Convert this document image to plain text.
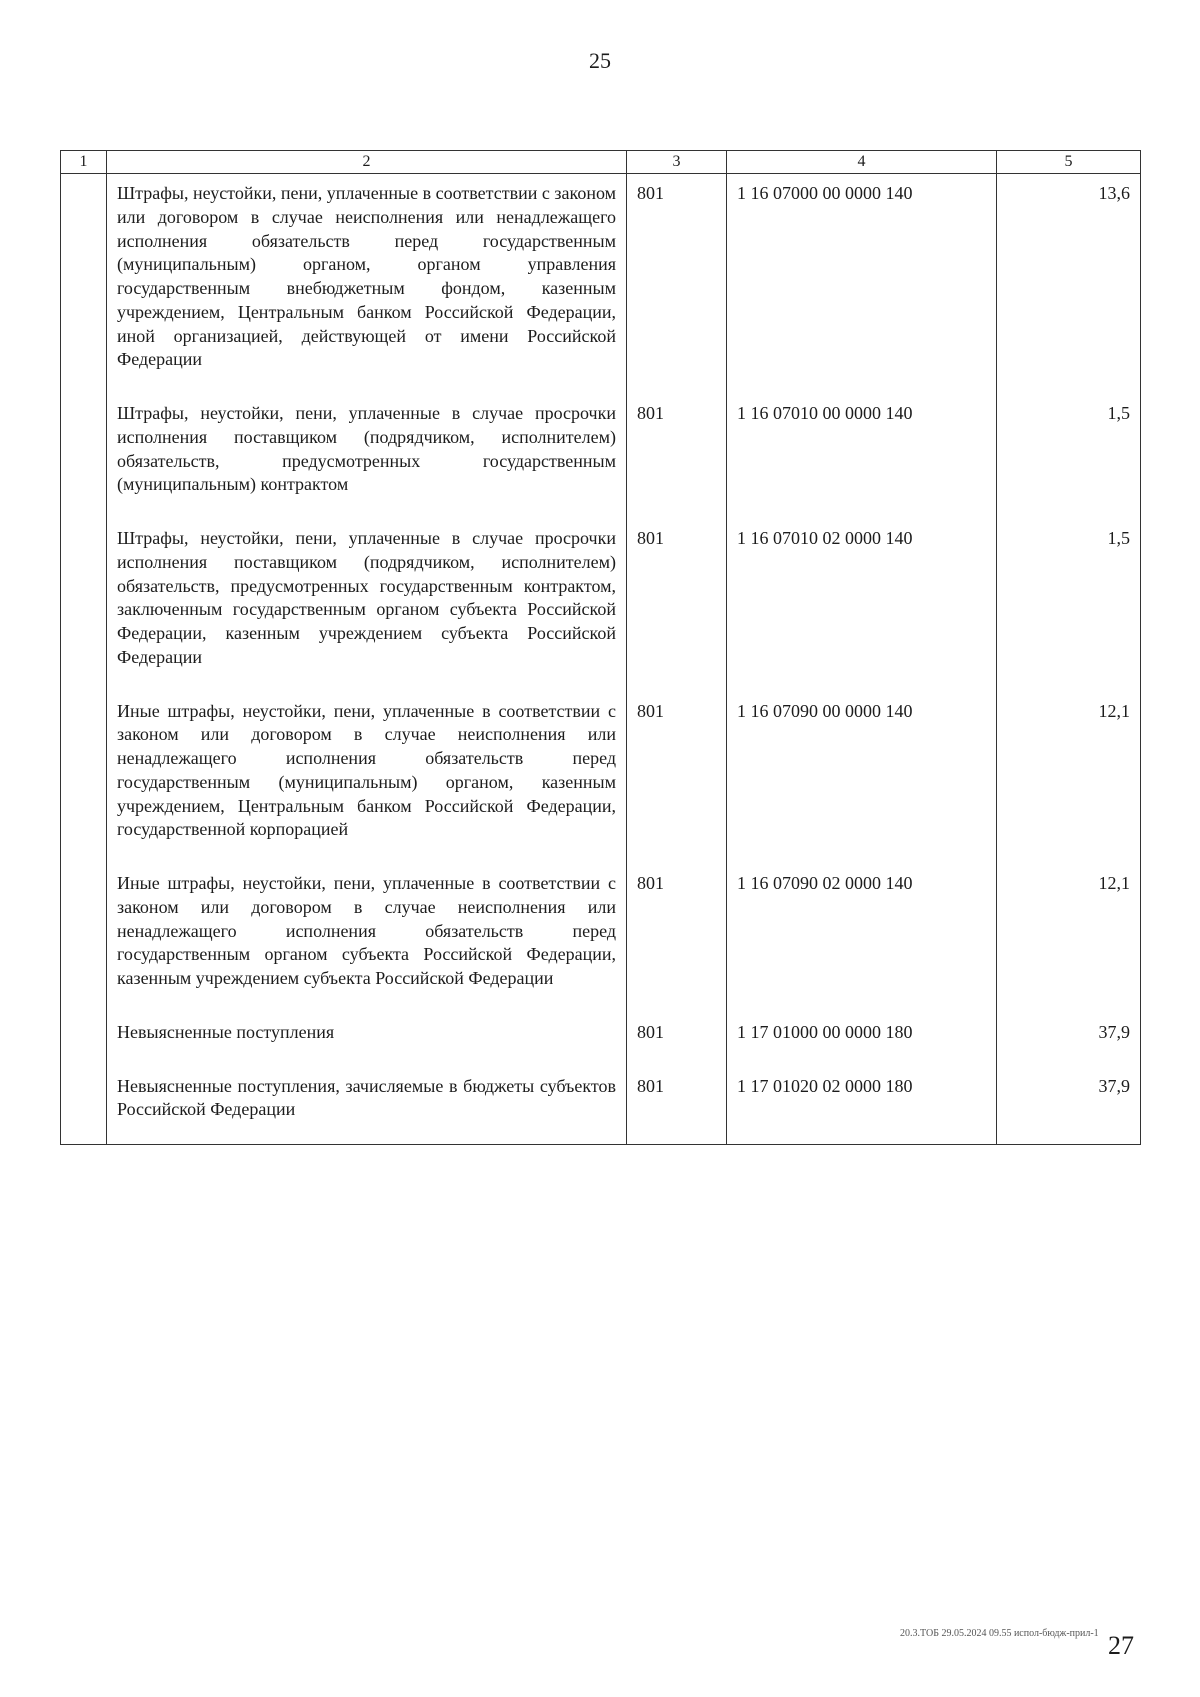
25
1	2	3	4	5
	Штрафы, неустойки, пени, уплаченные в соответствии с законом или договором в случае неисполнения или ненадлежащего исполнения обязательств перед государственным (муниципальным) органом, органом управления государственным внебюджетным фондом, казенным учреждением, Центральным банком Российской Федерации, иной организацией, действующей от имени Российской Федерации	801	1 16 07000 00 0000 140	13,6
	Штрафы, неустойки, пени, уплаченные в случае просрочки исполнения поставщиком (подрядчиком, исполнителем) обязательств, предусмотренных государственным (муниципальным) контрактом	801	1 16 07010 00 0000 140	1,5
	Штрафы, неустойки, пени, уплаченные в случае просрочки исполнения поставщиком (подрядчиком, исполнителем) обязательств, предусмотренных государственным контрактом, заключенным государственным органом субъекта Российской Федерации, казенным учреждением субъекта Российской Федерации	801	1 16 07010 02 0000 140	1,5
	Иные штрафы, неустойки, пени, уплаченные в соответствии с законом или договором в случае неисполнения или ненадлежащего исполнения обязательств перед государственным (муниципальным) органом, казенным учреждением, Центральным банком Российской Федерации, государственной корпорацией	801	1 16 07090 00 0000 140	12,1
	Иные штрафы, неустойки, пени, уплаченные в соответствии с законом или договором в случае неисполнения или ненадлежащего исполнения обязательств перед государственным органом субъекта Российской Федерации, казенным учреждением субъекта Российской Федерации	801	1 16 07090 02 0000 140	12,1
	Невыясненные поступления	801	1 17 01000 00 0000 180	37,9
	Невыясненные поступления, зачисляемые в бюджеты субъектов Российской Федерации	801	1 17 01020 02 0000 180	37,9
20.3.ТОБ 29.05.2024 09.55 испол-бюдж-прил-1 27
